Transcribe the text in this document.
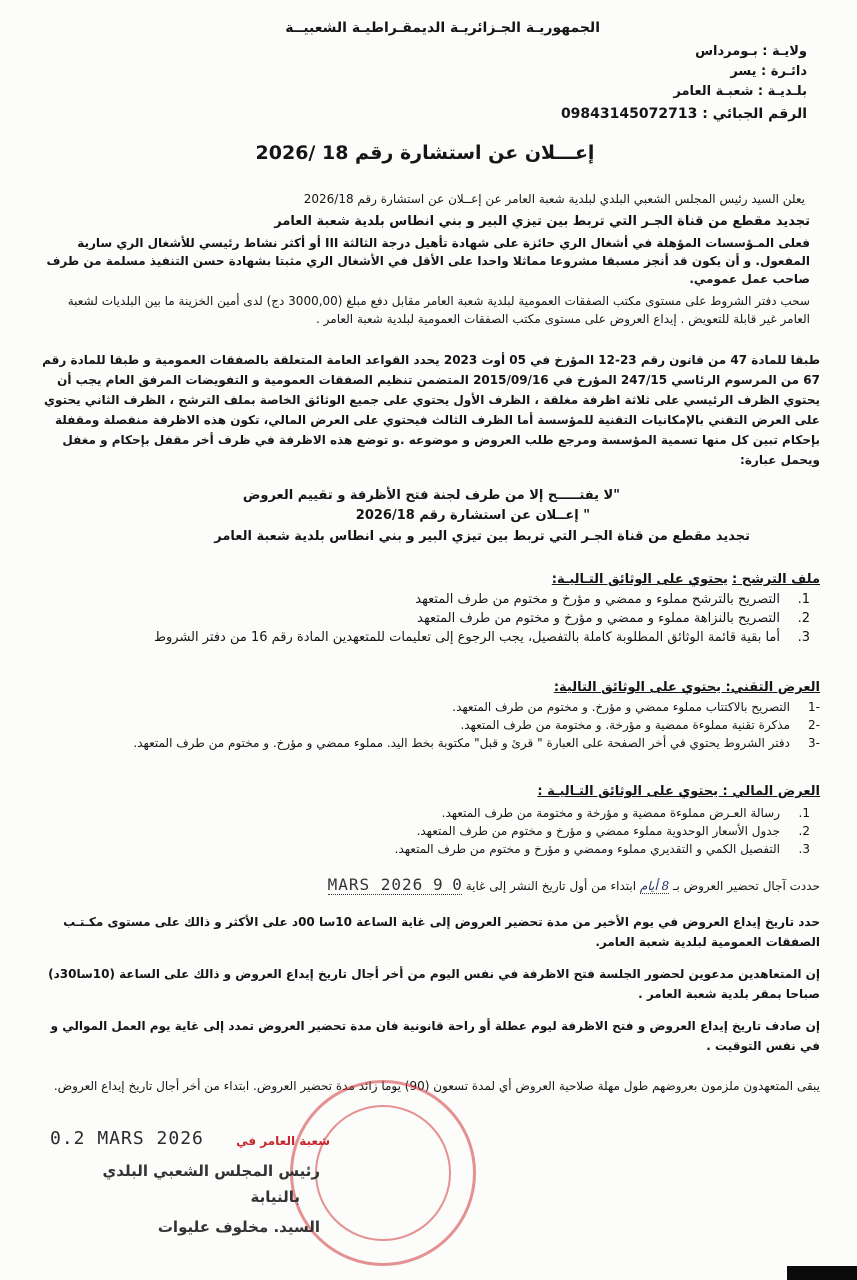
الجمهوريـة الجـزائريـة الديمقـراطيـة الشعبيــة
ولايـة : بـومرداس
دائـرة : يسر
بلـديـة : شعبـة العامر
الرقم الجبائي : 09843145072713
إعـــلان عن استشارة رقم 18 /2026
يعلن السيد رئيس المجلس الشعبي البلدي لبلدية شعبة العامر عن إعــلان عن استشارة رقم 2026/18
تجديد مقطع من قناة الجـر التي تربط بين تيزي البير و بني انطاس بلدية شعبة العامر
فعلى المـؤسسات المؤهلة في أشغال الري حائزة على شهادة تأهيل درجة الثالثة III أو أكثر نشاط رئيسي للأشغال الري سارية المفعول. و أن يكون قد أنجز مسبقا مشروعا مماثلا واحدا على الأقل في الأشغال الري مثبتا بشهادة حسن التنفيذ مسلمة من طرف صاحب عمل عمومي.
سحب دفتر الشروط على مستوى مكتب الصفقات العمومية لبلدية شعبة العامر مقابل دفع مبلغ (3000,00 دج) لدى أمين الخزينة ما بين البلديات لشعبة العامر غير قابلة للتعويض . إيداع العروض على مستوى مكتب الصفقات العمومية لبلدية شعبة العامر .
طبقا للمادة 47 من قانون رقم 23-12 المؤرخ في 05 أوت 2023 يحدد القواعد العامة المتعلقة بالصفقات العمومية و طبقا للمادة رقم 67 من المرسوم الرئاسي 247/15 المؤرخ في 2015/09/16 المتضمن تنظيم الصفقات العمومية و التفويضات المرفق العام يجب أن يحتوي الظرف الرئيسي على ثلاثة اظرفة مغلقة ، الظرف الأول يحتوي على جميع الوثائق الخاصة بملف الترشح ، الظرف الثاني يحتوي على العرض التقني بالإمكانيات التقنية للمؤسسة أما الظرف الثالث فيحتوي على العرض المالي، تكون هذه الاظرفة منفصلة ومقفلة بإحكام تبين كل منها تسمية المؤسسة ومرجع طلب العروض و موضوعه .و توضع هذه الاظرفة في ظرف أخر مقفل بإحكام و مغفل ويحمل عبارة:
"لا يفتـــــح إلا من طرف لجنة فتح الأظرفة و تقييم العروض
" إعــلان عن استشارة رقم 2026/18
تجديد مقطع من قناة الجـر التي تربط بين تيزي البير و بني انطاس بلدية شعبة العامر
ملف الترشح : يحتوي على الوثائق التـاليـة:
1.
التصريح بالترشح مملوء و ممضي و مؤرخ و مختوم من طرف المتعهد
2.
التصريح بالنزاهة مملوء و ممضي و مؤرخ و مختوم من طرف المتعهد
3.
أما بقية قائمة الوثائق المطلوبة كاملة بالتفصيل، يجب الرجوع إلى تعليمات للمتعهدين المادة رقم 16 من دفتر الشروط
العرض التقني: يحتوي على الوثائق التالية:
-1
التصريح بالاكتتاب مملوء ممضي و مؤرخ. و مختوم من طرف المتعهد.
-2
مذكرة تقنية مملوءة ممضية و مؤرخة. و مختومة من طرف المتعهد.
-3
دفتر الشروط يحتوي في أخر الصفحة على العبارة " قرئ و قبل" مكتوبة بخط اليد. مملوء ممضي و مؤرخ. و مختوم من طرف المتعهد.
العرض المالي : يحتوي على الوثائق التـاليـة :
1.
رسالة العـرض مملوءة ممضية و مؤرخة و مختومة من طرف المتعهد.
2.
جدول الأسعار الوحدوية مملوء ممضي و مؤرخ و مختوم من طرف المتعهد.
3.
التفصيل الكمي و التقديري مملوء وممضي و مؤرخ و مختوم من طرف المتعهد.
حددت آجال تحضير العروض بـ 8 أيام ابتداء من أول تاريخ النشر إلى غاية 0 9 MARS 2026
حدد تاريخ إيداع العروض في يوم الأخير من مدة تحضير العروض إلى غاية الساعة 10سا 00د على الأكثر و ذالك على مستوى مكـتـب الصفقات العمومية لبلدية شعبة العامر.
إن المتعاهدين مدعوين لحضور الجلسة فتح الاظرفة في نفس اليوم من أخر أجال تاريخ إيداع العروض و ذالك على الساعة (10سا30د) صباحا بمقر بلدية شعبة العامر .
إن صادف تاريخ إيداع العروض و فتح الاظرفة ليوم عطلة أو راحة قانونية فان مدة تحضير العروض تمدد إلى غاية يوم العمل الموالي و في نفس التوقيت .
يبقى المتعهدون ملزمون بعروضهم طول مهلة صلاحية العروض أي لمدة تسعون (90) يوما زائد مدة تحضير العروض. ابتداء من أخر أجال تاريخ إيداع العروض.
0.2 MARS 2026	شعبة العامر في
رئيس المجلس الشعبي البلدي
بالنيابة
السيد. مخلوف عليوات
